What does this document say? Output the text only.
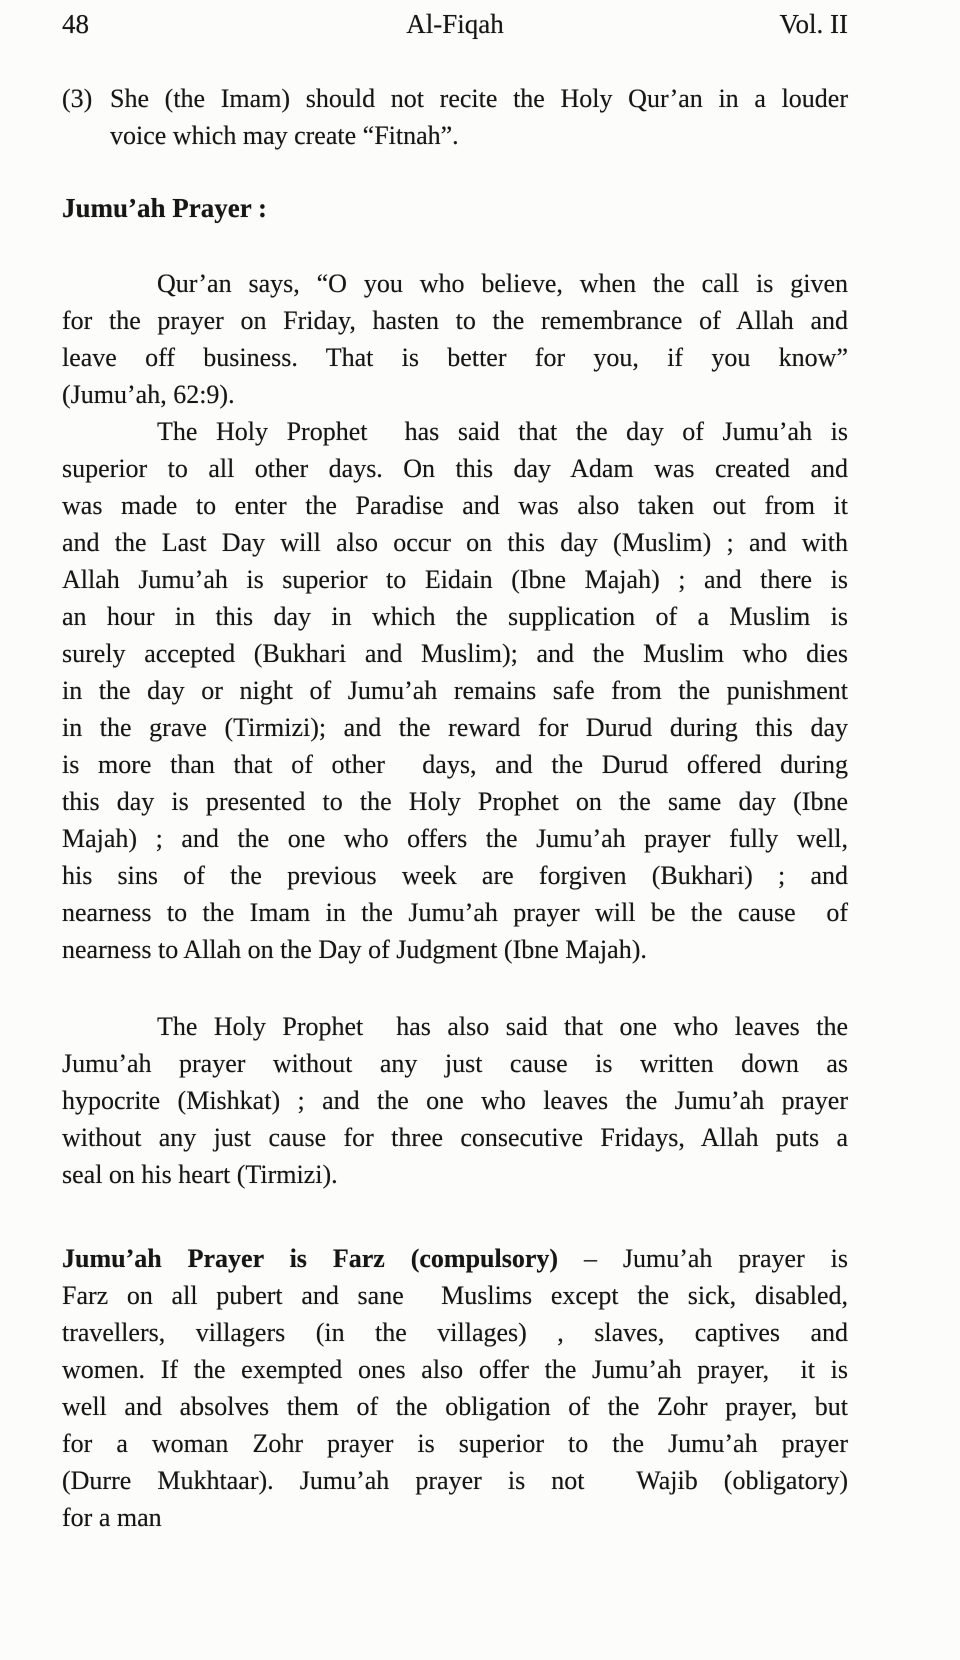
48	Al-Fiqah	Vol. II
(3) She (the Imam) should not recite the Holy Qur’an in a louder
voice which may create “Fitnah”.
Jumu’ah Prayer :
Qur’an says, “O you who believe, when the call is given
for the prayer on Friday, hasten to the remembrance of Allah and
leave off business. That is better for you, if you know”
(Jumu’ah, 62:9).
The Holy Prophet  has said that the day of Jumu’ah is
superior to all other days. On this day Adam was created and
was made to enter the Paradise and was also taken out from it
and the Last Day will also occur on this day (Muslim) ; and with
Allah Jumu’ah is superior to Eidain (Ibne Majah) ; and there is
an hour in this day in which the supplication of a Muslim is
surely accepted (Bukhari and Muslim); and the Muslim who dies
in the day or night of Jumu’ah remains safe from the punishment
in the grave (Tirmizi); and the reward for Durud during this day
is more than that of other  days, and the Durud offered during
this day is presented to the Holy Prophet on the same day (Ibne
Majah) ; and the one who offers the Jumu’ah prayer fully well,
his sins of the previous week are forgiven (Bukhari) ; and
nearness to the Imam in the Jumu’ah prayer will be the cause  of
nearness to Allah on the Day of Judgment (Ibne Majah).
The Holy Prophet  has also said that one who leaves the
Jumu’ah prayer without any just cause is written down as
hypocrite (Mishkat) ; and the one who leaves the Jumu’ah prayer
without any just cause for three consecutive Fridays, Allah puts a
seal on his heart (Tirmizi).
Jumu’ah Prayer is Farz (compulsory) – Jumu’ah prayer is
Farz on all pubert and sane  Muslims except the sick, disabled,
travellers, villagers (in the villages) , slaves, captives and
women. If the exempted ones also offer the Jumu’ah prayer,  it is
well and absolves them of the obligation of the Zohr prayer, but
for a woman Zohr prayer is superior to the Jumu’ah prayer
(Durre Mukhtaar). Jumu’ah prayer is not  Wajib (obligatory)
for a man
